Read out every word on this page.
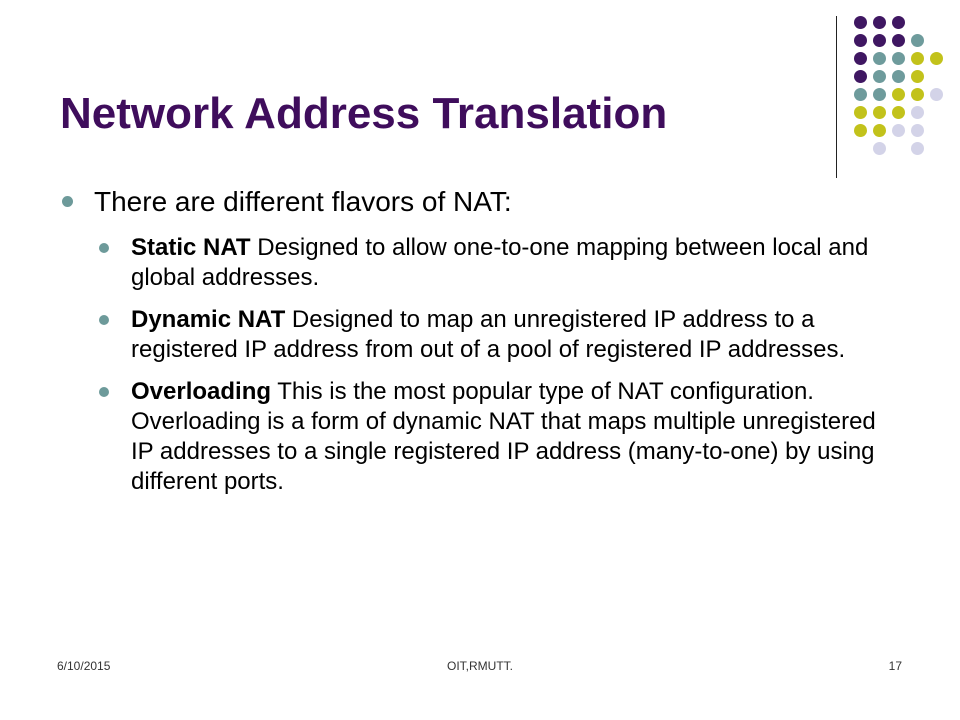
Network Address Translation
There are different flavors of NAT:
Static NAT Designed to allow one-to-one mapping between local and global addresses.
Dynamic NAT Designed to map an unregistered IP address to a registered IP address from out of a pool of registered IP addresses.
Overloading This is the most popular type of NAT configuration. Overloading is a form of dynamic NAT that maps multiple unregistered IP addresses to a single registered IP address (many-to-one) by using different ports.
6/10/2015	OIT,RMUTT.	17
